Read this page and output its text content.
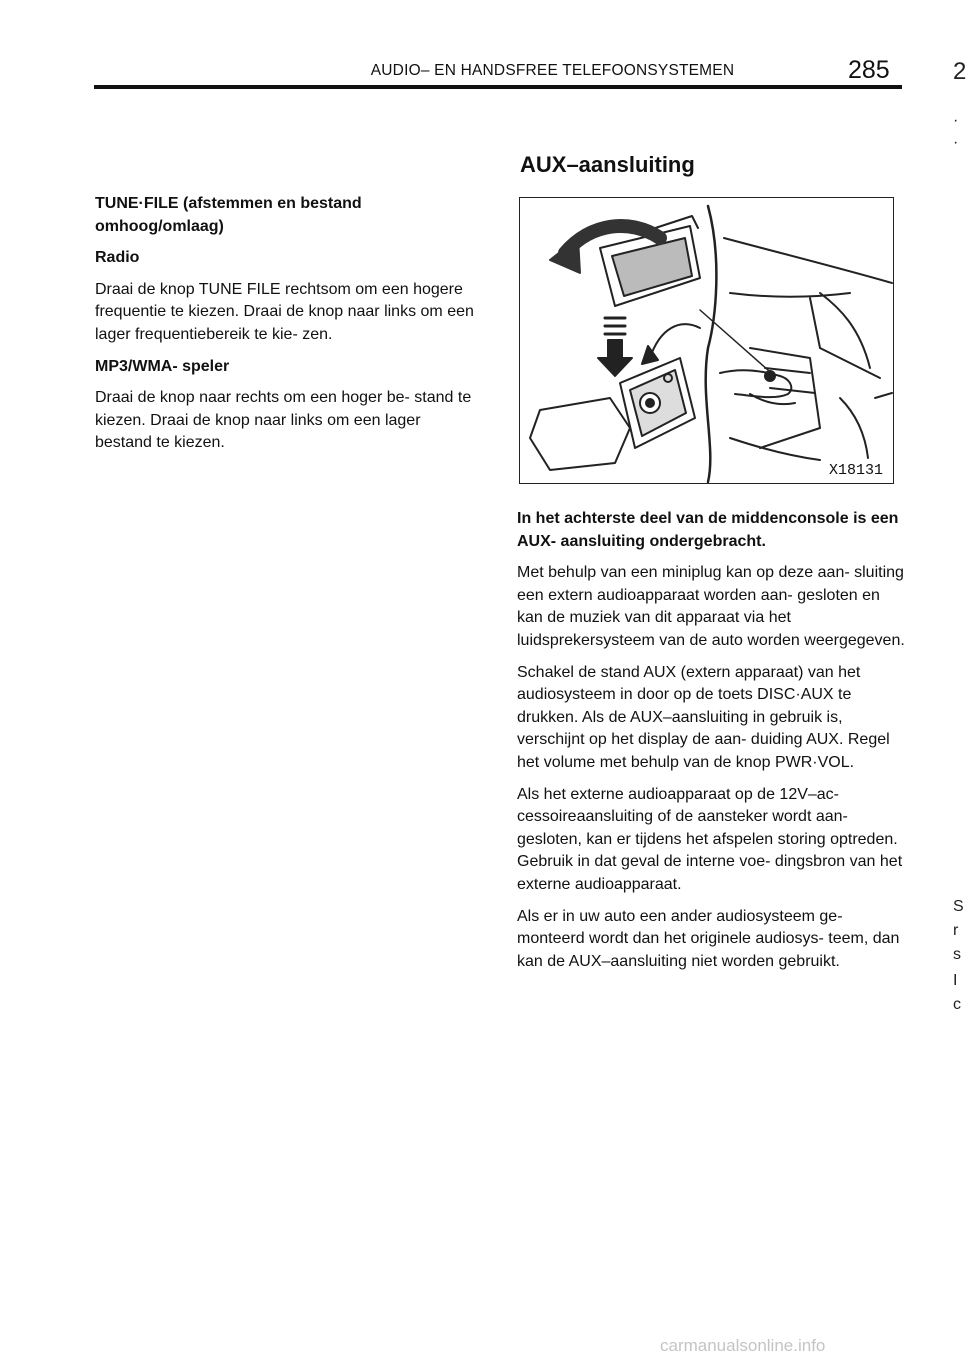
AUDIO– EN HANDSFREE TELEFOONSYSTEMEN	285	2
·
·
S
r
s
I
c

TUNE·FILE (afstemmen en bestand omhoog/omlaag)

Radio

Draai de knop TUNE FILE rechtsom om een hogere frequentie te kiezen. Draai de knop naar links om een lager frequentiebereik te kie- zen.

MP3/WMA- speler

Draai de knop naar rechts om een hoger be- stand te kiezen. Draai de knop naar links om een lager bestand te kiezen.

AUX–aansluiting
X18131

In het achterste deel van de middenconsole is een AUX- aansluiting ondergebracht.

Met behulp van een miniplug kan op deze aan- sluiting een extern audioapparaat worden aan- gesloten en kan de muziek van dit apparaat via het luidsprekersysteem van de auto worden weergegeven.

Schakel de stand AUX (extern apparaat) van het audiosysteem in door op de toets DISC·AUX te drukken. Als de AUX–aansluiting in gebruik is, verschijnt op het display de aan- duiding AUX. Regel het volume met behulp van de knop PWR·VOL.

Als het externe audioapparaat op de 12V–ac- cessoireaansluiting of de aansteker wordt aan- gesloten, kan er tijdens het afspelen storing optreden. Gebruik in dat geval de interne voe- dingsbron van het externe audioapparaat.

Als er in uw auto een ander audiosysteem ge- monteerd wordt dan het originele audiosys- teem, dan kan de AUX–aansluiting niet worden gebruikt.

carmanualsonline.info
